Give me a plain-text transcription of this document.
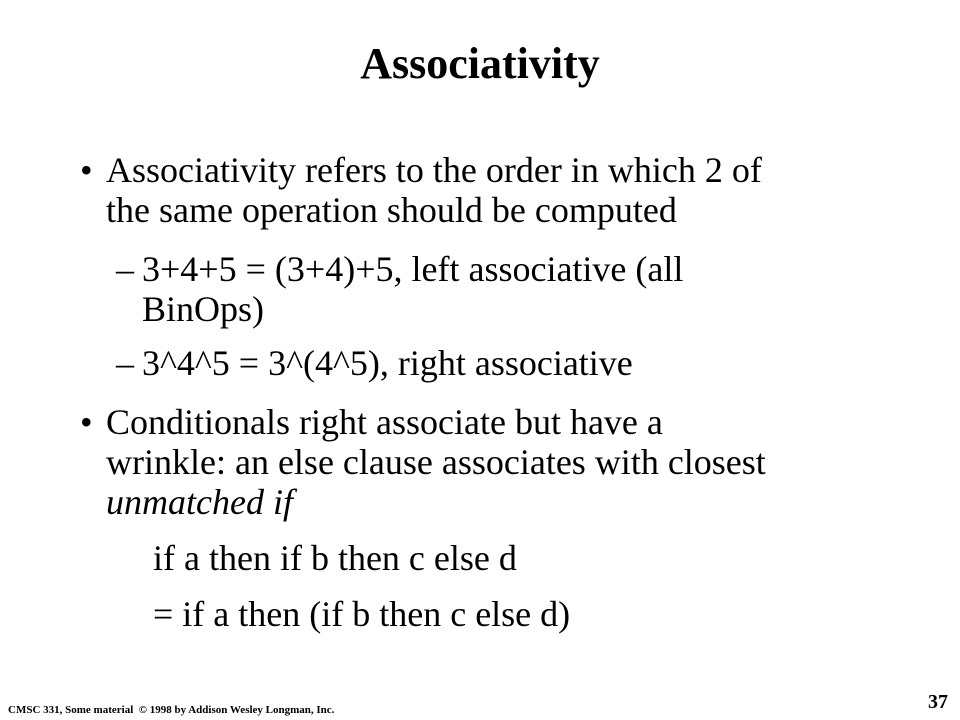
Associativity
• Associativity refers to the order in which 2 of
the same operation should be computed
– 3+4+5 = (3+4)+5, left associative (all
BinOps)
– 3^4^5 = 3^(4^5), right associative
• Conditionals right associate but have a
wrinkle: an else clause associates with closest
unmatched if
if a then if b then c else d
= if a then (if b then c else d)
CMSC 331, Some material  © 1998 by Addison Wesley Longman, Inc.	37
